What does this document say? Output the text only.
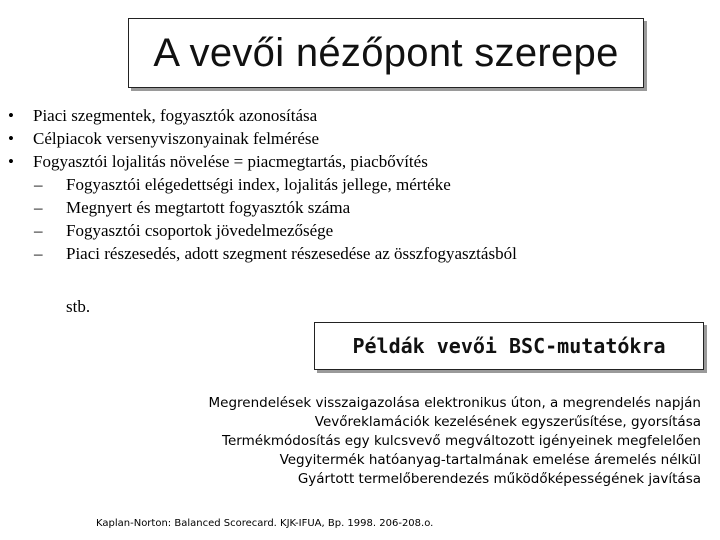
A vevői nézőpont szerepe
• Piaci szegmentek, fogyasztók azonosítása
• Célpiacok versenyviszonyainak felmérése
• Fogyasztói lojalitás növelése = piacmegtartás, piacbővítés
– Fogyasztói elégedettségi index, lojalitás jellege, mértéke
– Megnyert és megtartott fogyasztók száma
– Fogyasztói csoportok jövedelmezősége
– Piaci részesedés, adott szegment részesedése az összfogyasztásból
stb.
Példák vevői BSC-mutatókra
Megrendelések visszaigazolása elektronikus úton, a megrendelés napján
Vevőreklamációk kezelésének egyszerűsítése, gyorsítása
Termékmódosítás egy kulcsvevő megváltozott igényeinek megfelelően
Vegyitermék hatóanyag-tartalmának emelése áremelés nélkül
Gyártott termelőberendezés működőképességének javítása
Kaplan-Norton: Balanced Scorecard. KJK-IFUA, Bp. 1998. 206-208.o.
